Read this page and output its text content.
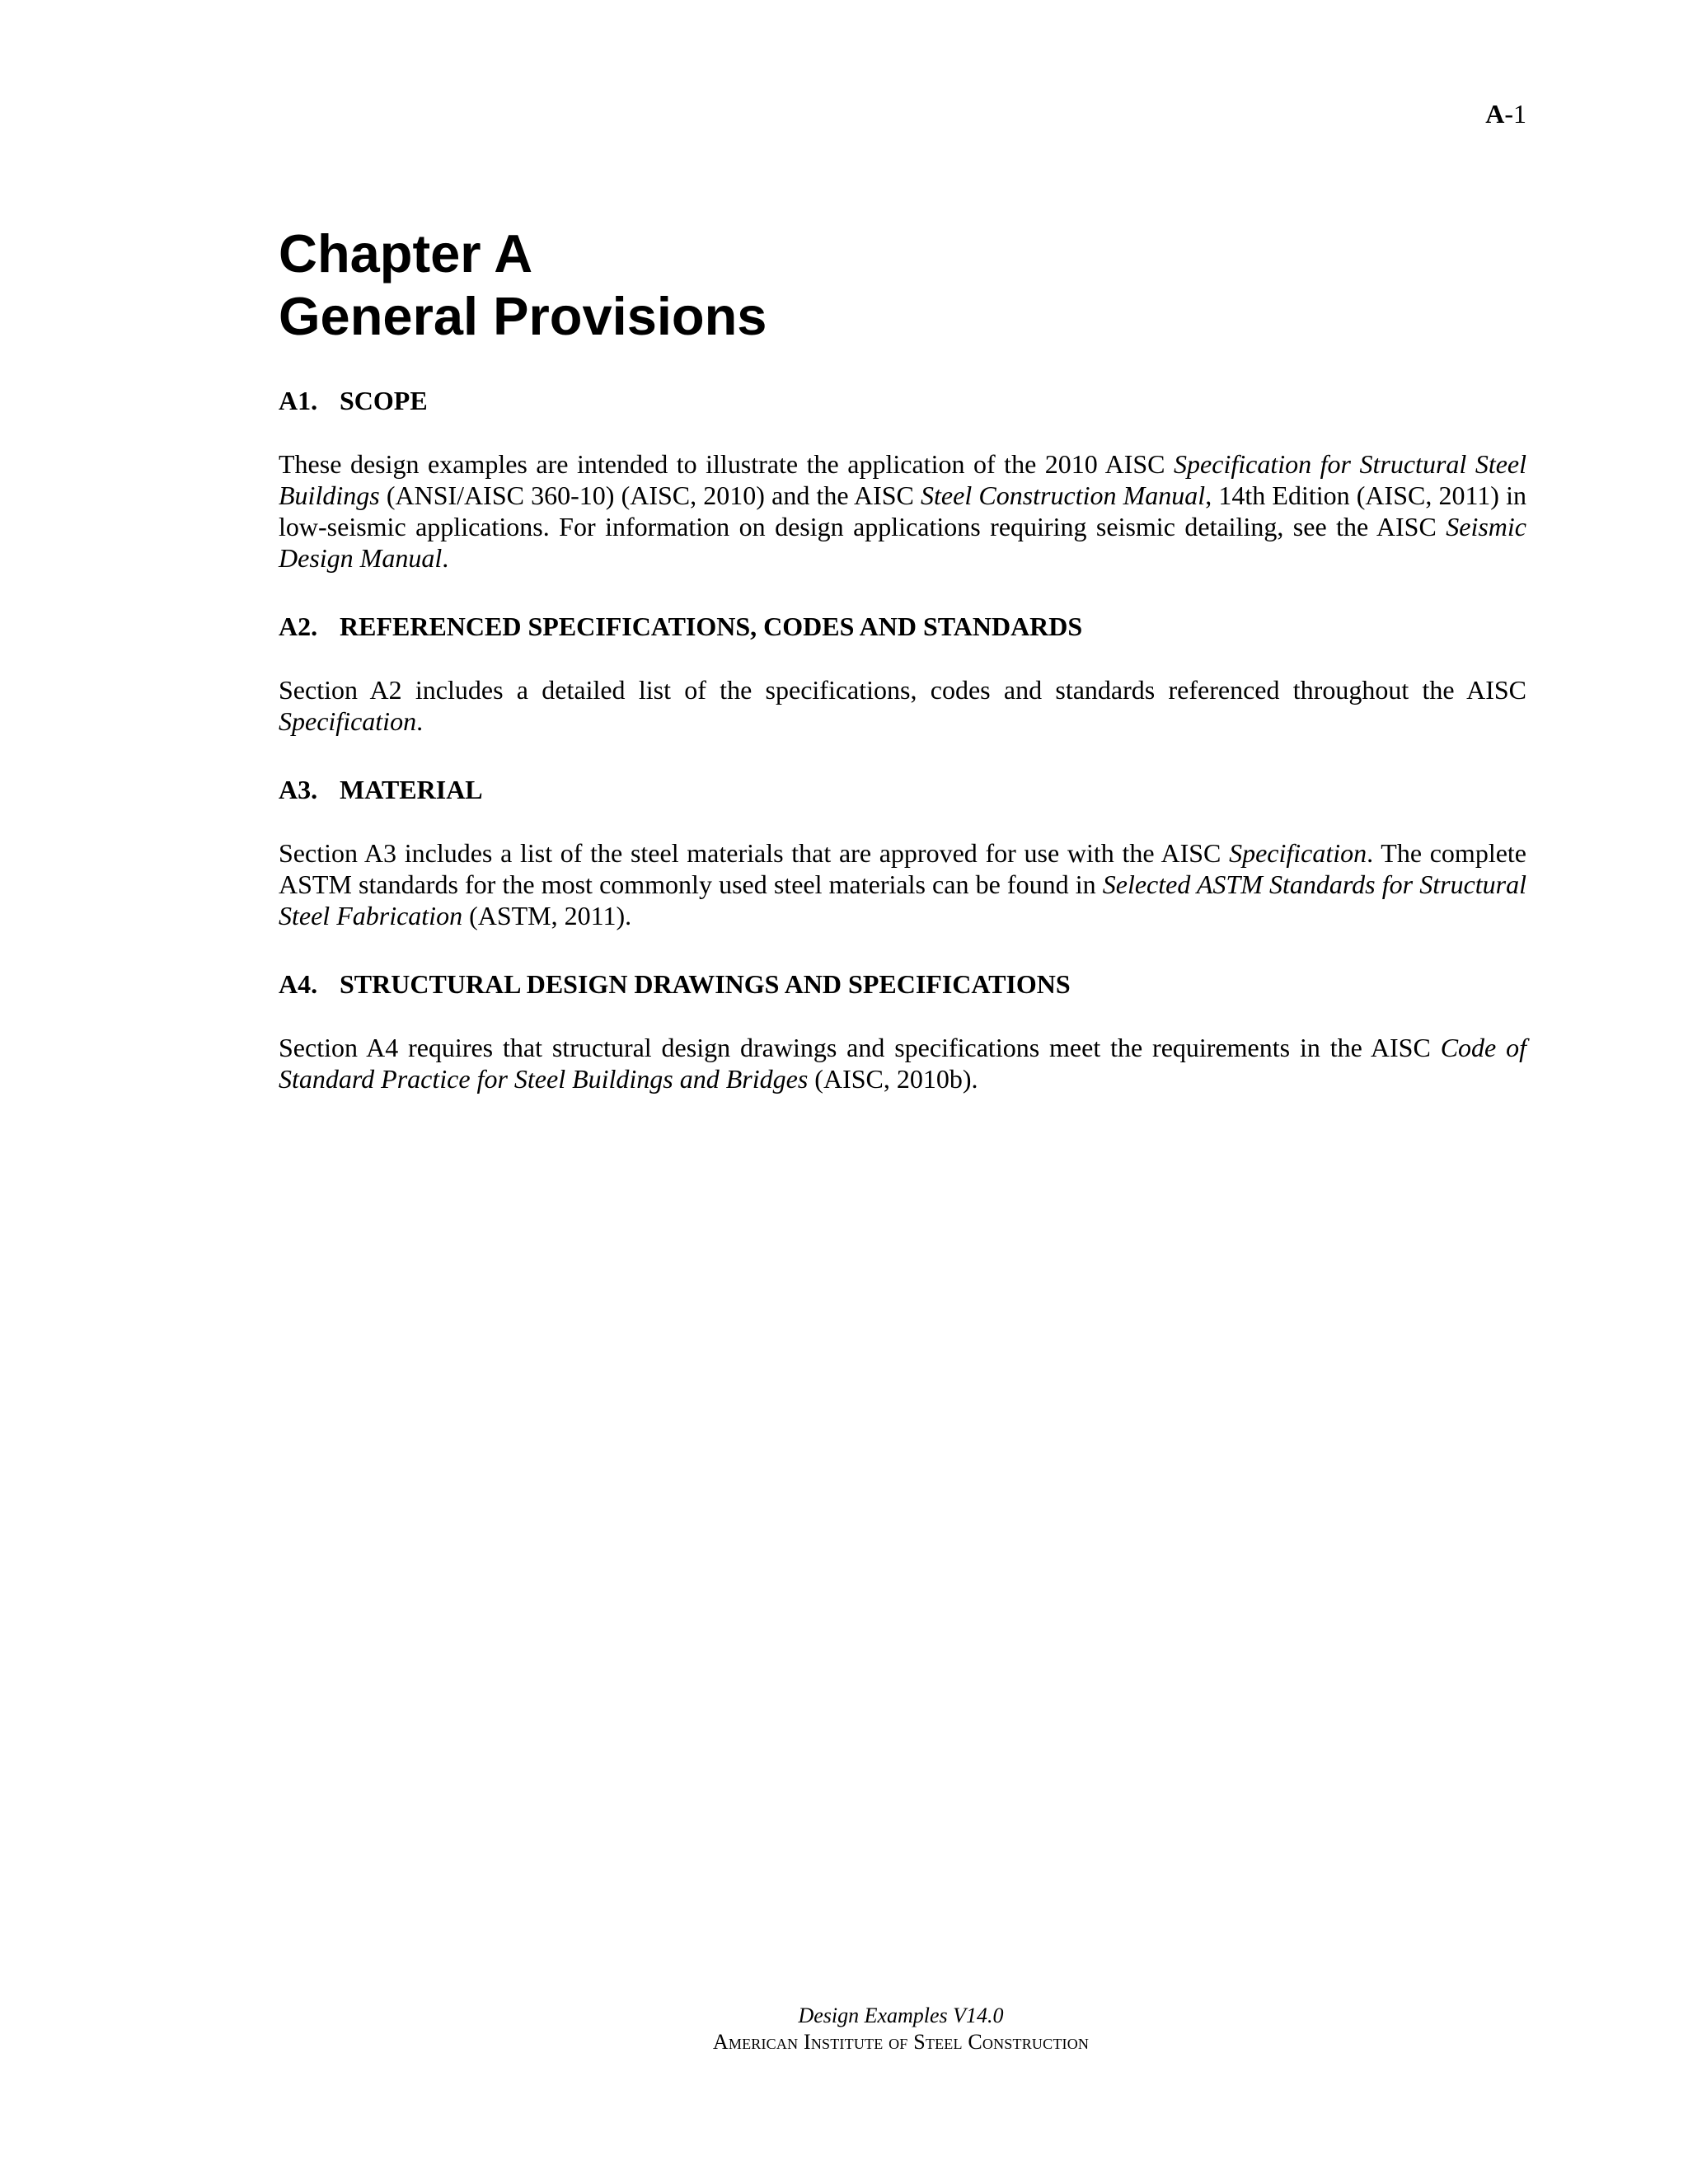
A-1
Chapter A
General Provisions
A1. SCOPE

These design examples are intended to illustrate the application of the 2010 AISC Specification for Structural Steel Buildings (ANSI/AISC 360-10) (AISC, 2010) and the AISC Steel Construction Manual, 14th Edition (AISC, 2011) in low-seismic applications. For information on design applications requiring seismic detailing, see the AISC Seismic Design Manual.

A2. REFERENCED SPECIFICATIONS, CODES AND STANDARDS

Section A2 includes a detailed list of the specifications, codes and standards referenced throughout the AISC Specification.

A3. MATERIAL

Section A3 includes a list of the steel materials that are approved for use with the AISC Specification. The complete ASTM standards for the most commonly used steel materials can be found in Selected ASTM Standards for Structural Steel Fabrication (ASTM, 2011).

A4. STRUCTURAL DESIGN DRAWINGS AND SPECIFICATIONS

Section A4 requires that structural design drawings and specifications meet the requirements in the AISC Code of Standard Practice for Steel Buildings and Bridges (AISC, 2010b).

Design Examples V14.0
American Institute of Steel Construction
